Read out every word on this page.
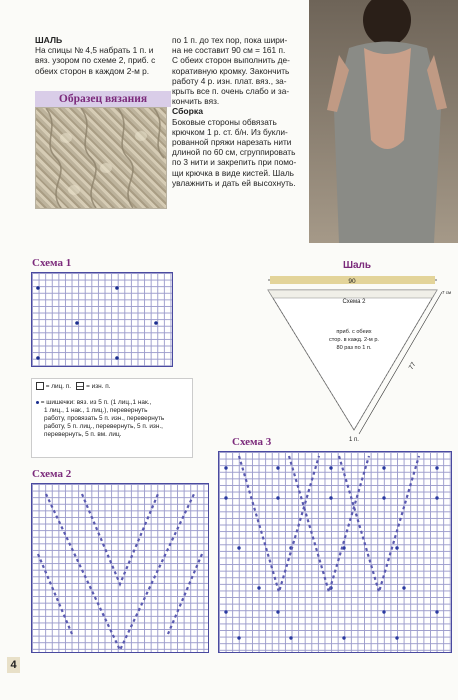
ШАЛЬ
На спицы № 4,5 набрать 1 п. и
вяз. узором по схеме 2, приб. с
обеих сторон в каждом 2-м р.
Образец вязания
по 1 п. до тех пор, пока шири-
на не составит 90 см = 161 п.
С обеих сторон выполнить де-
коративную кромку. Закончить
работу 4 р. изн. плат. вяз., за-
крыть все п. очень слабо и за-
кончить вяз.
Сборка
Боковые стороны обвязать
крючком 1 р. ст. б/н. Из букли-
рованной пряжи нарезать нити
длиной по 60 см, сгруппировать
по 3 нити и закрепить при помо-
щи крючка в виде кистей. Шаль
увлажнить и дать ей высохнуть.
Схема 1
= лиц. п. = изн. п.
= шишечки: вяз. из 5 п. (1 лиц.,1 нак.,
1 лиц., 1 нак., 1 лиц.), перевернуть
работу, провязать 5 п. изн., перевернуть
работу, 5 п. лиц., перевернуть, 5 п. изн.,
перевернуть, 5 п. вм. лиц.
Шаль
90
Схема 2
приб. с обеих
стор. в кажд. 2-м р.
80 раз по 1 п.
77
7 см
1 п.
Схема 3
Схема 2
4
